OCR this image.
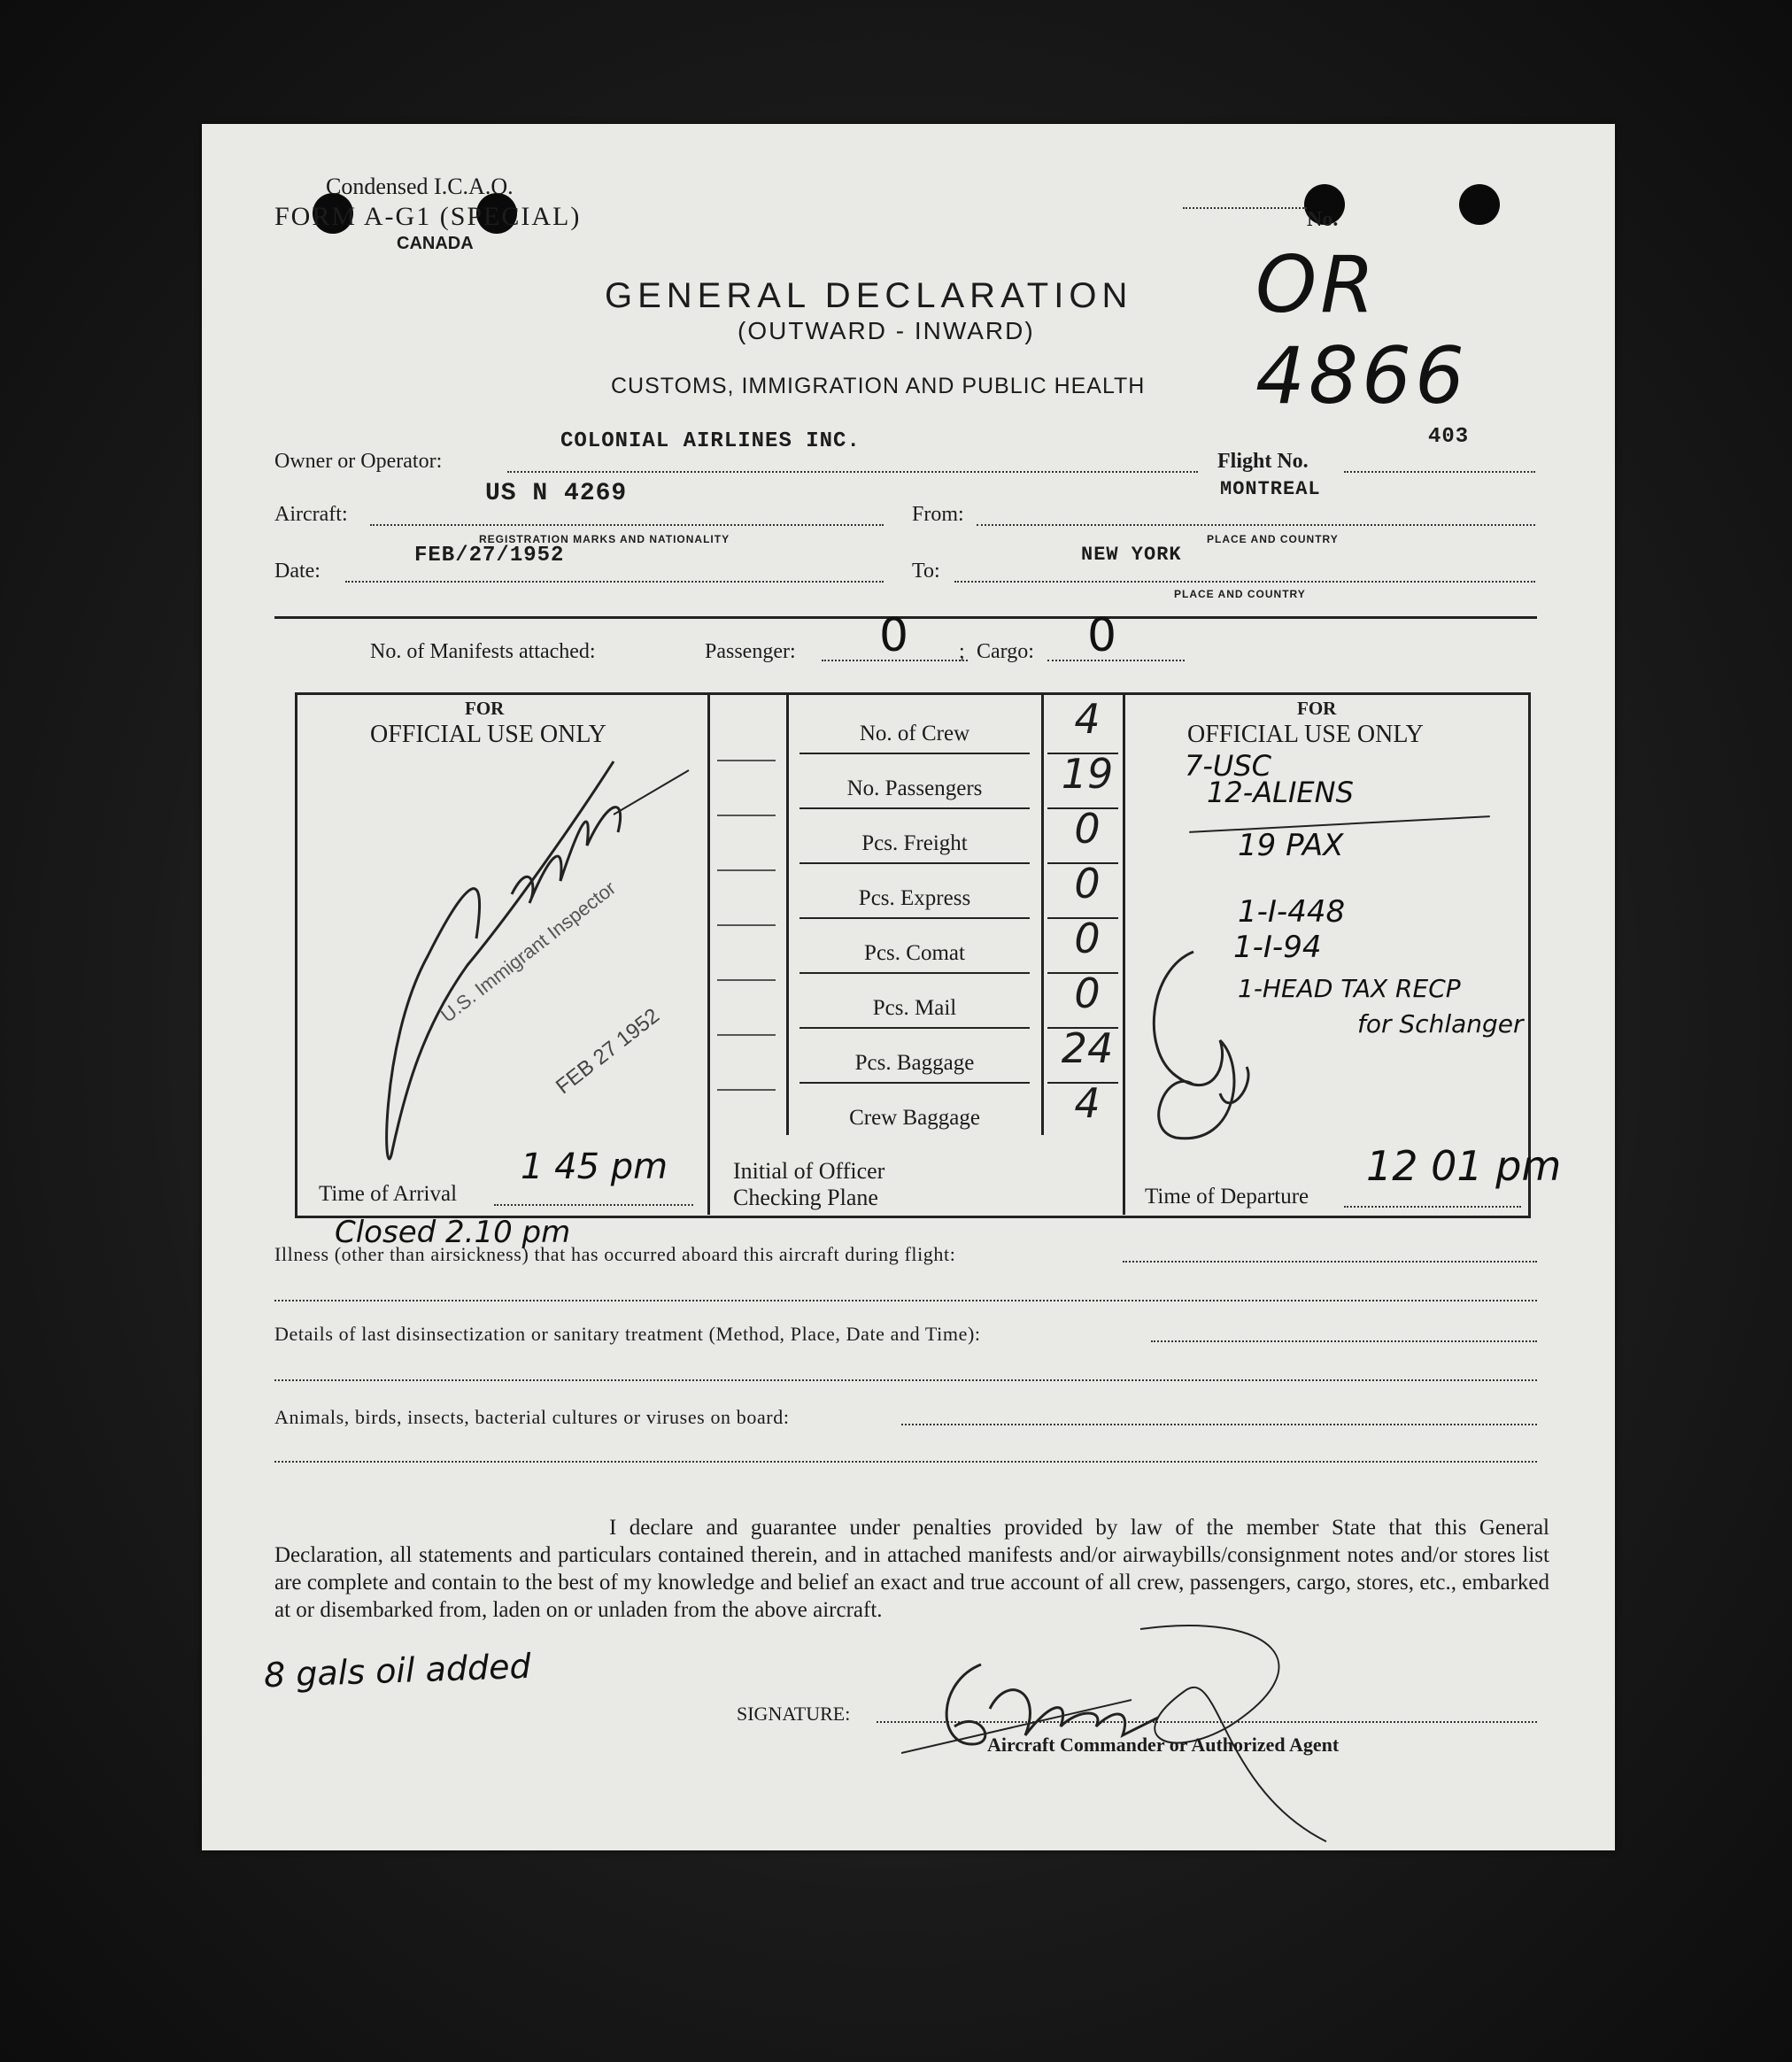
Condensed I.C.A.O.
FORM A-G1 (SPECIAL)
CANADA
No.
OR 4866
GENERAL DECLARATION
(OUTWARD - INWARD)
CUSTOMS, IMMIGRATION AND PUBLIC HEALTH
Owner or Operator:
COLONIAL AIRLINES INC.
Flight No.
403
Aircraft:
US N 4269
REGISTRATION MARKS AND NATIONALITY
From:
MONTREAL
PLACE AND COUNTRY
Date:
FEB/27/1952
To:
NEW YORK
PLACE AND COUNTRY
No. of Manifests attached:	Passenger: 0 ; Cargo: 0
FOR
OFFICIAL USE ONLY
U.S. Immigrant Inspector
FEB 27 1952
Time of Arrival
1 45 pm
No. of Crew	4
No. Passengers	19
Pcs. Freight	0
Pcs. Express	0
Pcs. Comat	0
Pcs. Mail	0
Pcs. Baggage	24
Crew Baggage	4
Initial of Officer
Checking Plane
FOR
OFFICIAL USE ONLY
7-USC
12-ALIENS
19 PAX
1-I-448
1-I-94
1-HEAD TAX RECP
for Schlanger
Time of Departure
12 01 pm
Closed 2.10 pm
Illness (other than airsickness) that has occurred aboard this aircraft during flight:
Details of last disinsectization or sanitary treatment (Method, Place, Date and Time):
Animals, birds, insects, bacterial cultures or viruses on board:
I declare and guarantee under penalties provided by law of the member State that this General Declaration, all statements and particulars contained therein, and in attached manifests and/or airwaybills/consignment notes and/or stores list are complete and contain to the best of my knowledge and belief an exact and true account of all crew, passengers, cargo, stores, etc., embarked at or disembarked from, laden on or unladen from the above aircraft.
8 gals oil added
SIGNATURE:
Aircraft Commander or Authorized Agent
